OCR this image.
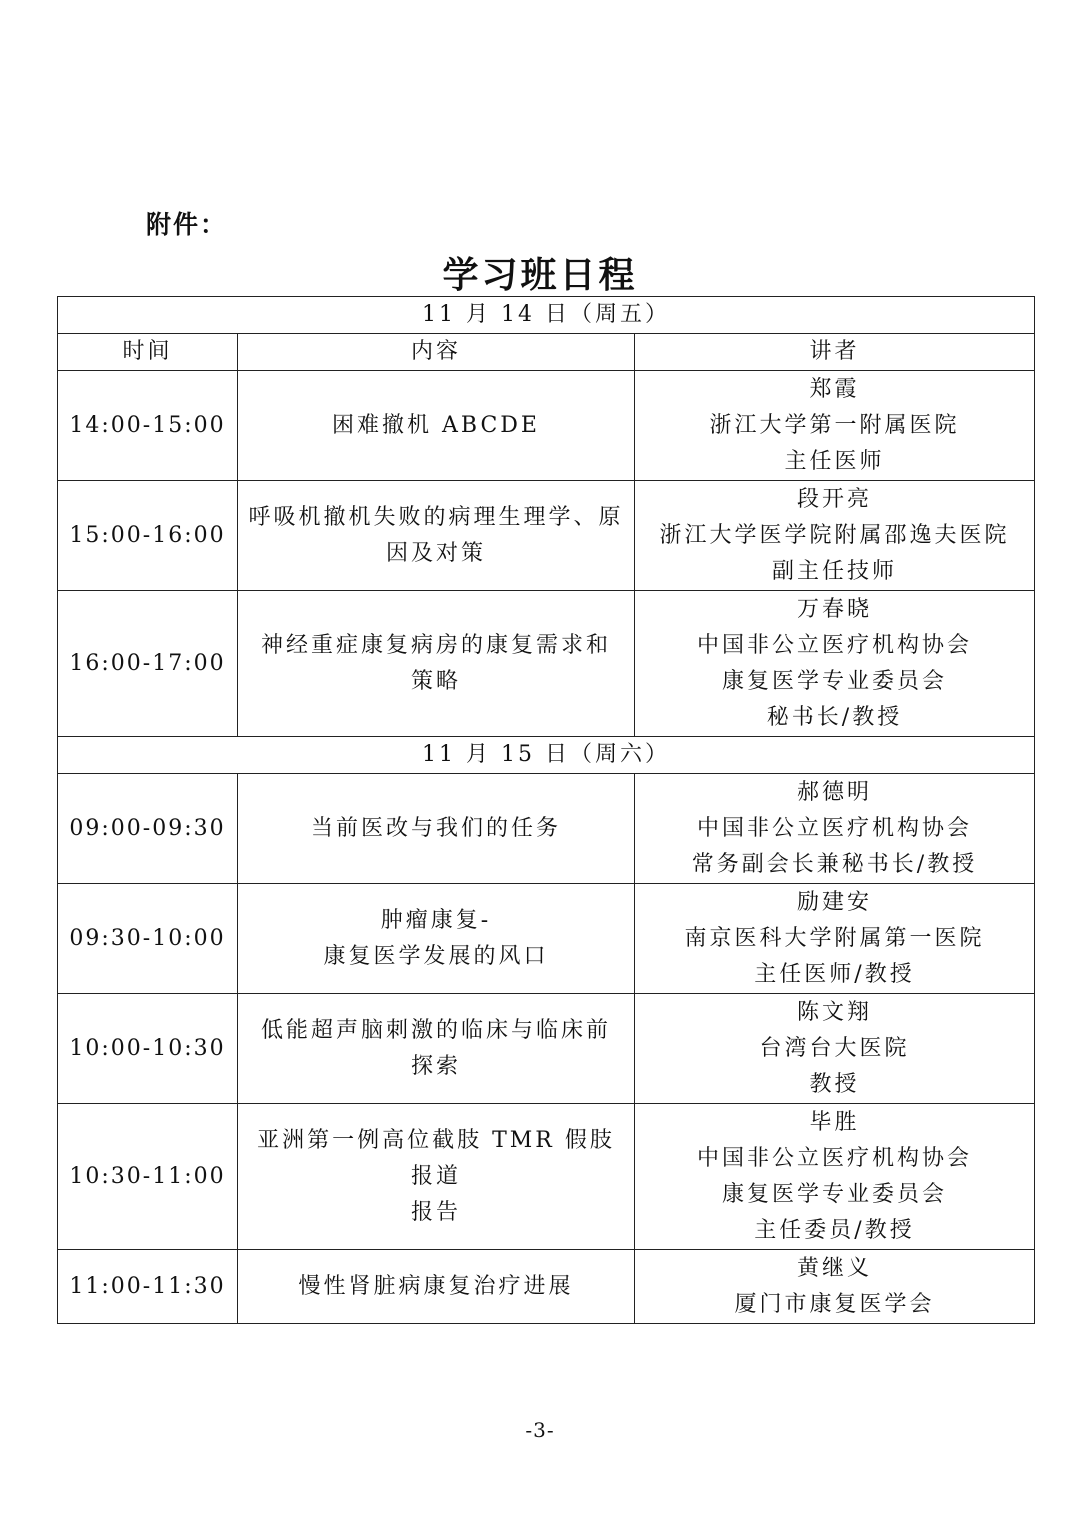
附件：
学习班日程
11 月 14 日（周五）		
时间	内容	讲者
14:00-15:00	困难撤机 ABCDE	郑霞
浙江大学第一附属医院
主任医师

15:00-16:00	呼吸机撤机失败的病理生理学、原
因及对策	段开亮
浙江大学医学院附属邵逸夫医院
副主任技师

16:00-17:00	神经重症康复病房的康复需求和
策略	万春晓
中国非公立医疗机构协会
康复医学专业委员会
秘书长/教授

11 月 15 日（周六）		
09:00-09:30	当前医改与我们的任务	郝德明
中国非公立医疗机构协会
常务副会长兼秘书长/教授

09:30-10:00	肿瘤康复-
康复医学发展的风口	励建安
南京医科大学附属第一医院
主任医师/教授

10:00-10:30	低能超声脑刺激的临床与临床前
探索	陈文翔
台湾台大医院
教授

10:30-11:00	亚洲第一例高位截肢 TMR 假肢报道
报告	毕胜
中国非公立医疗机构协会
康复医学专业委员会
主任委员/教授

11:00-11:30	慢性肾脏病康复治疗进展	黄继义
厦门市康复医学会
-3-
